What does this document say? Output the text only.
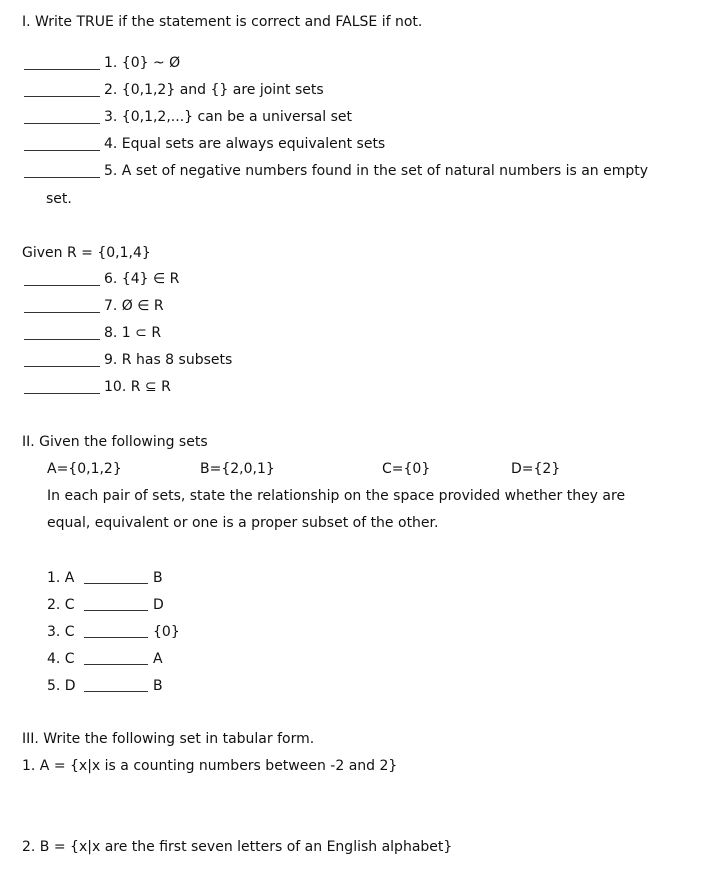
I. Write TRUE if the statement is correct and FALSE if not.
1. {0} ~ Ø
2. {0,1,2} and {} are joint sets
3. {0,1,2,...} can be a universal set
4. Equal sets are always equivalent sets
5. A set of negative numbers found in the set of natural numbers is an empty
set.
Given R = {0,1,4}
6. {4} ∈ R
7. Ø ∈ R
8. 1 ⊂ R
9. R has 8 subsets
10. R ⊆ R
II. Given the following sets
A={0,1,2}	B={2,0,1}	C={0}	D={2}
In each pair of sets, state the relationship on the space provided whether they are
equal, equivalent or one is a proper subset of the other.
1. A	B
2. C	D
3. C	{0}
4. C	A
5. D	B
III. Write the following set in tabular form.
1. A = {x|x is a counting numbers between -2 and 2}
2. B = {x|x are the first seven letters of an English alphabet}
